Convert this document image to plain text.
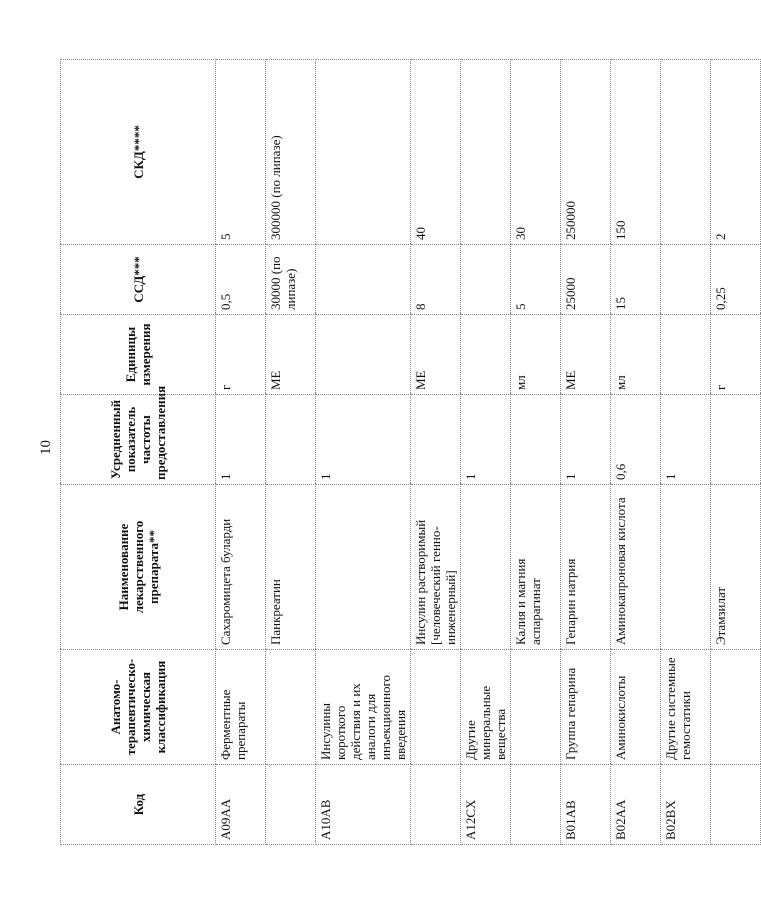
10
Код	Анатомо-терапевтическо-химическая классификация	Наименование лекарственного препарата**	Усредненный показатель частоты предоставления	Единицы измерения	ССД***	СКД****
A09AA	Ферментные препараты	Сахаромицета буларди	1	г	0,5	5
		Панкреатин		МЕ	30000 (по липазе)	300000 (по липазе)
A10AB	Инсулины короткого действия и их аналоги для инъекционного введения		1			
		Инсулин растворимый [человеческий генно-инженерный]		МЕ	8	40
A12CX	Другие минеральные вещества		1			
		Калия и магния аспарагинат		мл	5	30
B01AB	Группа гепарина	Гепарин натрия	1	МЕ	25000	250000
B02AA	Аминокислоты	Аминокапроновая кислота	0,6	мл	15	150
B02BX	Другие системные гемостатики		1			
		Этамзилат		г	0,25	2
